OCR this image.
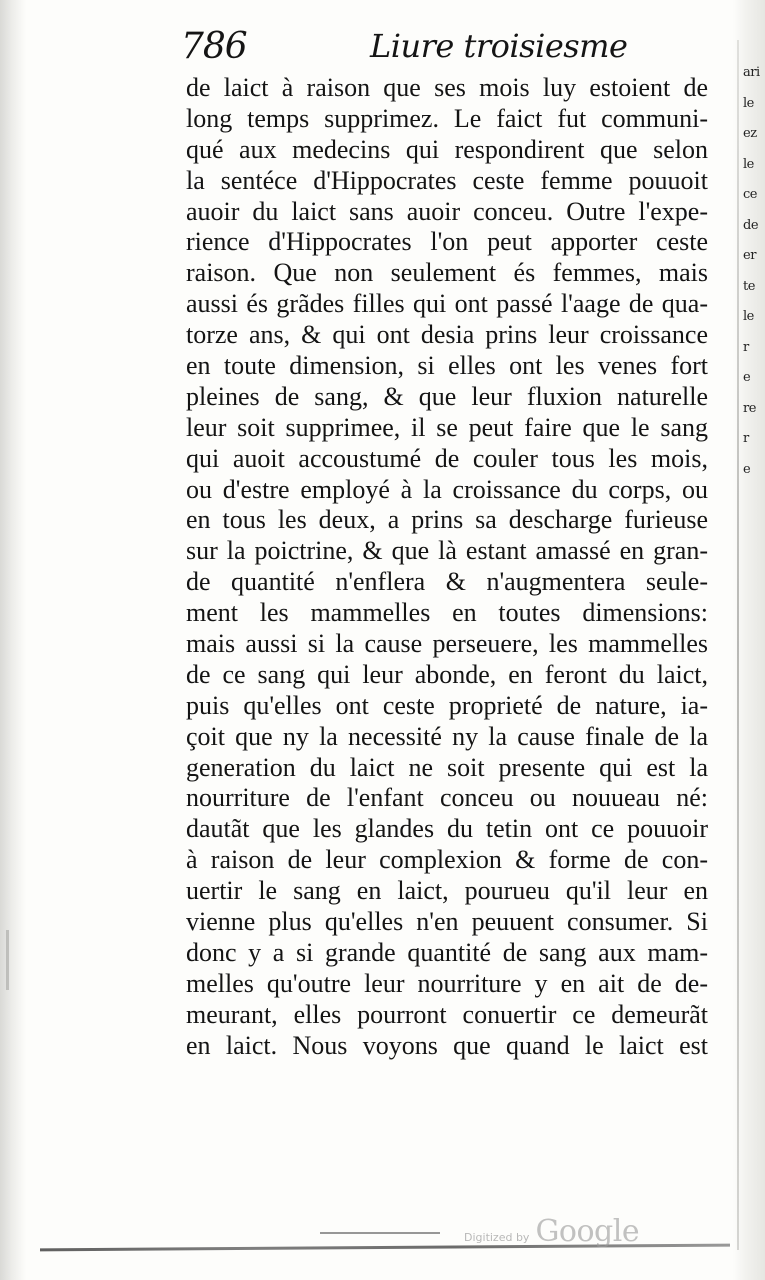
ari
le
ez
le
ce
de
er
te
le
r
e
re
r
e
786	Liure troisiesme
de laict à raison que ses mois luy estoient de
long temps supprimez. Le faict fut communi-
qué aux medecins qui respondirent que selon
la sentéce d'Hippocrates ceste femme pouuoit
auoir du laict sans auoir conceu. Outre l'expe-
rience d'Hippocrates l'on peut apporter ceste
raison. Que non seulement és femmes, mais
aussi és grãdes filles qui ont passé l'aage de qua-
torze ans, & qui ont desia prins leur croissance
en toute dimension, si elles ont les venes fort
pleines de sang, & que leur fluxion naturelle
leur soit supprimee, il se peut faire que le sang
qui auoit accoustumé de couler tous les mois,
ou d'estre employé à la croissance du corps, ou
en tous les deux, a prins sa descharge furieuse
sur la poictrine, & que là estant amassé en gran-
de quantité n'enflera & n'augmentera seule-
ment les mammelles en toutes dimensions:
mais aussi si la cause perseuere, les mammelles
de ce sang qui leur abonde, en feront du laict,
puis qu'elles ont ceste proprieté de nature, ia-
çoit que ny la necessité ny la cause finale de la
generation du laict ne soit presente qui est la
nourriture de l'enfant conceu ou nouueau né:
dautãt que les glandes du tetin ont ce pouuoir
à raison de leur complexion & forme de con-
uertir le sang en laict, pourueu qu'il leur en
vienne plus qu'elles n'en peuuent consumer. Si
donc y a si grande quantité de sang aux mam-
melles qu'outre leur nourriture y en ait de de-
meurant, elles pourront conuertir ce demeurãt
en laict. Nous voyons que quand le laict est
Digitized by Google
